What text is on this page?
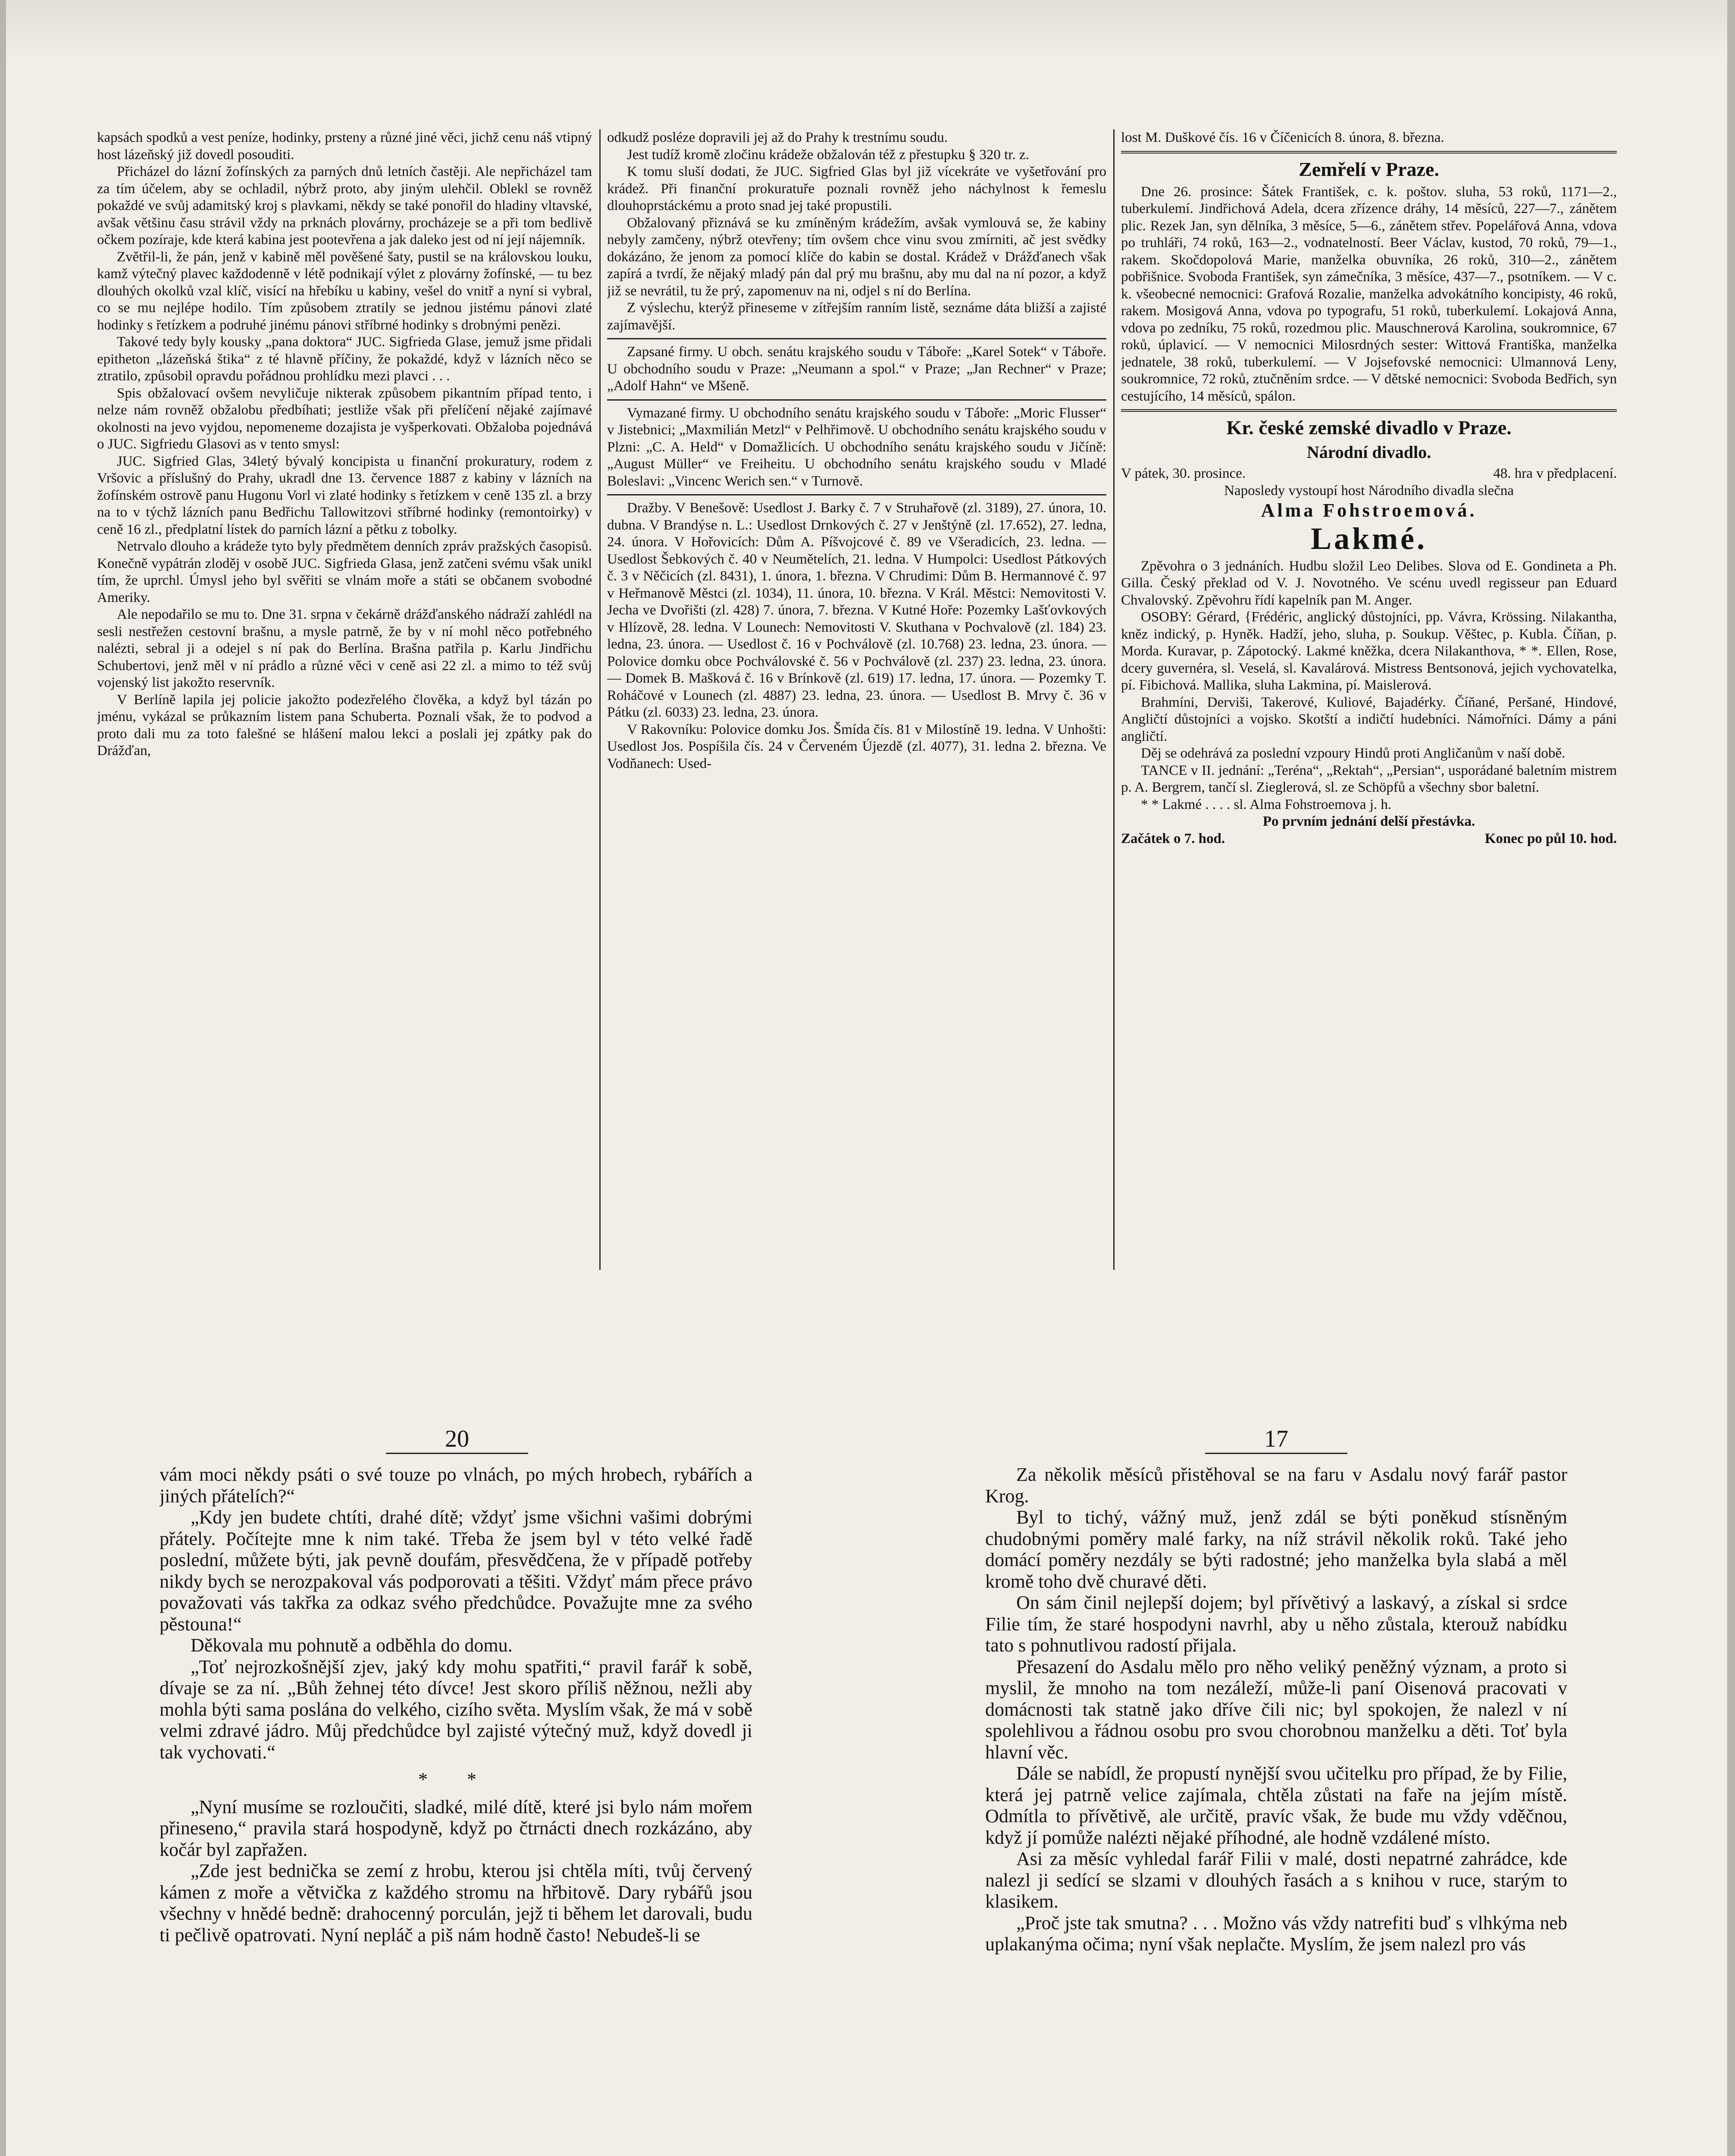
kapsách spodků a vest peníze, hodinky, prsteny a různé jiné věci, jichž cenu náš vtipný host lázeňský již dovedl posouditi.

Přicházel do lázní žofínských za parných dnů letních častěji. Ale nepřicházel tam za tím účelem, aby se ochladil, nýbrž proto, aby jiným ulehčil. Oblekl se rovněž pokaždé ve svůj adamitský kroj s plavkami, někdy se také ponořil do hladiny vltavské, avšak většinu času strávil vždy na prknách plovárny, procházeje se a při tom bedlivě očkem pozíraje, kde která kabina jest pootevřena a jak daleko jest od ní její nájemník.

Zvětřil-li, že pán, jenž v kabině měl pověšené šaty, pustil se na královskou louku, kamž výtečný plavec každodenně v létě podnikají výlet z plovárny žofínské, — tu bez dlouhých okolků vzal klíč, visící na hřebíku u kabiny, vešel do vnitř a nyní si vybral, co se mu nejlépe hodilo. Tím způsobem ztratily se jednou jistému pánovi zlaté hodinky s řetízkem a podruhé jinému pánovi stříbrné hodinky s drobnými penězi.

Takové tedy byly kousky „pana doktora“ JUC. Sigfrieda Glase, jemuž jsme přidali epitheton „lázeňská štika“ z té hlavně příčiny, že pokaždé, když v lázních něco se ztratilo, způsobil opravdu pořádnou prohlídku mezi plavci . . .

Spis obžalovací ovšem nevyličuje nikterak způsobem pikantním případ tento, i nelze nám rovněž obžalobu předbíhati; jestliže však při přelíčení nějaké zajímavé okolnosti na jevo vyjdou, nepomeneme dozajista je vyšperkovati. Obžaloba pojednává o JUC. Sigfriedu Glasovi as v tento smysl:

JUC. Sigfried Glas, 34letý bývalý koncipista u finanční prokuratury, rodem z Vršovic a příslušný do Prahy, ukradl dne 13. července 1887 z kabiny v lázních na žofínském ostrově panu Hugonu Vorl vi zlaté hodinky s řetízkem v ceně 135 zl. a brzy na to v týchž lázních panu Bedřichu Tallowitzovi stříbrné hodinky (remontoirky) v ceně 16 zl., předplatní lístek do parních lázní a pětku z tobolky.

Netrvalo dlouho a krádeže tyto byly předmětem denních zpráv pražských časopisů. Konečně vypátrán zloděj v osobě JUC. Sigfrieda Glasa, jenž zatčeni svému však unikl tím, že uprchl. Úmysl jeho byl svěřiti se vlnám moře a státi se občanem svobodné Ameriky.

Ale nepodařilo se mu to. Dne 31. srpna v čekárně drážďanského nádraží zahlédl na sesli nestřežen cestovní brašnu, a mysle patrně, že by v ní mohl něco potřebného nalézti, sebral ji a odejel s ní pak do Berlína. Brašna patřila p. Karlu Jindřichu Schubertovi, jenž měl v ní prádlo a různé věci v ceně asi 22 zl. a mimo to též svůj vojenský list jakožto reservník.

V Berlíně lapila jej policie jakožto podezřelého člověka, a když byl tázán po jménu, vykázal se průkazním listem pana Schuberta. Poznali však, že to podvod a proto dali mu za toto falešné se hlášení malou lekci a poslali jej zpátky pak do Drážďan,

odkudž posléze dopravili jej až do Prahy k trestnímu soudu.

Jest tudíž kromě zločinu krádeže obžalován též z přestupku § 320 tr. z.

K tomu sluší dodati, že JUC. Sigfried Glas byl již vícekráte ve vyšetřování pro krádež. Při finanční prokuratuře poznali rovněž jeho náchylnost k řemeslu dlouhoprstáckému a proto snad jej také propustili.

Obžalovaný přiznává se ku zmíněným krádežím, avšak vymlouvá se, že kabiny nebyly zamčeny, nýbrž otevřeny; tím ovšem chce vinu svou zmírniti, ač jest svědky dokázáno, že jenom za pomocí klíče do kabin se dostal. Krádež v Drážďanech však zapírá a tvrdí, že nějaký mladý pán dal prý mu brašnu, aby mu dal na ní pozor, a když již se nevrátil, tu že prý, zapomenuv na ni, odjel s ní do Berlína.

Z výslechu, kterýž přineseme v zítřejším ranním listě, seznáme dáta bližší a zajisté zajímavější.

Zapsané firmy. U obch. senátu krajského soudu v Táboře: „Karel Sotek“ v Táboře. U obchodního soudu v Praze: „Neumann a spol.“ v Praze; „Jan Rechner“ v Praze; „Adolf Hahn“ ve Mšeně.

Vymazané firmy. U obchodního senátu krajského soudu v Táboře: „Moric Flusser“ v Jistebnici; „Maxmilián Metzl“ v Pelhřimově. U obchodního senátu krajského soudu v Plzni: „C. A. Held“ v Domažlicích. U obchodního senátu krajského soudu v Jičíně: „August Müller“ ve Freiheitu. U obchodního senátu krajského soudu v Mladé Boleslavi: „Vincenc Werich sen.“ v Turnově.

Dražby. V Benešově: Usedlost J. Barky č. 7 v Struhařově (zl. 3189), 27. února, 10. dubna. V Brandýse n. L.: Usedlost Drnkových č. 27 v Jenštýně (zl. 17.652), 27. ledna, 24. února. V Hořovicích: Dům A. Píšvojcové č. 89 ve Všeradicích, 23. ledna. — Usedlost Šebkových č. 40 v Neumětelích, 21. ledna. V Humpolci: Usedlost Pátkových č. 3 v Něčicích (zl. 8431), 1. února, 1. března. V Chrudimi: Dům B. Hermannové č. 97 v Heřmanově Městci (zl. 1034), 11. února, 10. března. V Král. Městci: Nemovitosti V. Jecha ve Dvořišti (zl. 428) 7. února, 7. března. V Kutné Hoře: Pozemky Lašťovkových v Hlízově, 28. ledna. V Lounech: Nemovitosti V. Skuthana v Pochvalově (zl. 184) 23. ledna, 23. února. — Usedlost č. 16 v Pochválově (zl. 10.768) 23. ledna, 23. února. — Polovice domku obce Pochválovské č. 56 v Pochválově (zl. 237) 23. ledna, 23. února. — Domek B. Mašková č. 16 v Brínkově (zl. 619) 17. ledna, 17. února. — Pozemky T. Roháčové v Lounech (zl. 4887) 23. ledna, 23. února. — Usedlost B. Mrvy č. 36 v Pátku (zl. 6033) 23. ledna, 23. února.

V Rakovníku: Polovice domku Jos. Šmída čís. 81 v Milostíně 19. ledna. V Unhošti: Usedlost Jos. Pospíšila čís. 24 v Červeném Újezdě (zl. 4077), 31. ledna 2. března. Ve Vodňanech: Used-

lost M. Duškové čís. 16 v Číčenicích 8. února, 8. března.

Zemřelí v Praze.

Dne 26. prosince: Šátek František, c. k. poštov. sluha, 53 roků, 1171—2., tuberkulemí. Jindřichová Adela, dcera zřízence dráhy, 14 měsíců, 227—7., zánětem plic. Rezek Jan, syn dělníka, 3 měsíce, 5—6., zánětem střev. Popelářová Anna, vdova po truhláři, 74 roků, 163—2., vodnatelností. Beer Václav, kustod, 70 roků, 79—1., rakem. Skočdopolová Marie, manželka obuvníka, 26 roků, 310—2., zánětem pobřišnice. Svoboda František, syn zámečníka, 3 měsíce, 437—7., psotníkem. — V c. k. všeobecné nemocnici: Grafová Rozalie, manželka advokátního koncipisty, 46 roků, rakem. Mosigová Anna, vdova po typografu, 51 roků, tuberkulemí. Lokajová Anna, vdova po zedníku, 75 roků, rozedmou plic. Mauschnerová Karolina, soukromnice, 67 roků, úplavicí. — V nemocnici Milosrdných sester: Wittová Františka, manželka jednatele, 38 roků, tuberkulemí. — V Jojsefovské nemocnici: Ulmannová Leny, soukromnice, 72 roků, ztučněním srdce. — V dětské nemocnici: Svoboda Bedřich, syn cestujícího, 14 měsíců, spálon.

Kr. české zemské divadlo v Praze.
Národní divadlo.
V pátek, 30. prosince.	48. hra v předplacení.

Naposledy vystoupí host Národního divadla slečna

Alma Fohstroemová.
Lakmé.

Zpěvohra o 3 jednáních. Hudbu složil Leo Delibes. Slova od E. Gondineta a Ph. Gilla. Český překlad od V. J. Novotného. Ve scénu uvedl regisseur pan Eduard Chvalovský. Zpěvohru řídí kapelník pan M. Anger.

OSOBY: Gérard, {Frédéric, anglický důstojníci, pp. Vávra, Krössing. Nilakantha, kněz indický, p. Hyněk. Hadží, jeho, sluha, p. Soukup. Věštec, p. Kubla. Číňan, p. Morda. Kuravar, p. Zápotocký. Lakmé kněžka, dcera Nilakanthova, * *. Ellen, Rose, dcery guvernéra, sl. Veselá, sl. Kavalárová. Mistress Bentsonová, jejich vychovatelka, pí. Fibichová. Mallika, sluha Lakmina, pí. Maislerová.

Brahmíni, Derviši, Takerové, Kuliové, Bajadérky. Číňané, Peršané, Hindové, Angličtí důstojníci a vojsko. Skotští a indičtí hudebníci. Námořníci. Dámy a páni angličtí.

Děj se odehrává za poslední vzpoury Hindů proti Angličanům v naší době.

TANCE v II. jednání: „Teréna“, „Rektah“, „Persian“, usporádané baletním mistrem p. A. Bergrem, tančí sl. Zieglerová, sl. ze Schöpfů a všechny sbor baletní.

* * Lakmé . . . . sl. Alma Fohstroemova j. h.

Po prvním jednání delší přestávka.

Začátek o 7. hod.	Konec po půl 10. hod.
20	17

vám moci někdy psáti o své touze po vlnách, po mých hrobech, rybářích a jiných přátelích?“

„Kdy jen budete chtíti, drahé dítě; vždyť jsme všichni vašimi dobrými přátely. Počítejte mne k nim také. Třeba že jsem byl v této velké řadě poslední, můžete býti, jak pevně doufám, přesvědčena, že v případě potřeby nikdy bych se nerozpakoval vás podporovati a těšiti. Vždyť mám přece právo považovati vás takřka za odkaz svého předchůdce. Považujte mne za svého pěstouna!“

Děkovala mu pohnutě a odběhla do domu.

„Toť nejrozkošnější zjev, jaký kdy mohu spatřiti,“ pravil farář k sobě, dívaje se za ní. „Bůh žehnej této dívce! Jest skoro příliš něžnou, nežli aby mohla býti sama poslána do velkého, cizího světa. Myslím však, že má v sobě velmi zdravé jádro. Můj předchůdce byl zajisté výtečný muž, když dovedl ji tak vychovati.“

* *

„Nyní musíme se rozloučiti, sladké, milé dítě, které jsi bylo nám mořem přineseno,“ pravila stará hospodyně, když po čtrnácti dnech rozkázáno, aby kočár byl zapřažen.

„Zde jest bednička se zemí z hrobu, kterou jsi chtěla míti, tvůj červený kámen z moře a větvička z každého stromu na hřbitově. Dary rybářů jsou všechny v hnědé bedně: drahocenný porculán, jejž ti během let darovali, budu ti pečlivě opatrovati. Nyní nepláč a piš nám hodně často! Nebudeš-li se

Za několik měsíců přistěhoval se na faru v Asdalu nový farář pastor Krog.

Byl to tichý, vážný muž, jenž zdál se býti poněkud stísněným chudobnými poměry malé farky, na níž strávil několik roků. Také jeho domácí poměry nezdály se býti radostné; jeho manželka byla slabá a měl kromě toho dvě churavé děti.

On sám činil nejlepší dojem; byl přívětivý a laskavý, a získal si srdce Filie tím, že staré hospodyni navrhl, aby u něho zůstala, kterouž nabídku tato s pohnutlivou radostí přijala.

Přesazení do Asdalu mělo pro něho veliký peněžný význam, a proto si myslil, že mnoho na tom nezáleží, může-li paní Oisenová pracovati v domácnosti tak statně jako dříve čili nic; byl spokojen, že nalezl v ní spolehlivou a řádnou osobu pro svou chorobnou manželku a děti. Toť byla hlavní věc.

Dále se nabídl, že propustí nynější svou učitelku pro případ, že by Filie, která jej patrně velice zajímala, chtěla zůstati na faře na jejím místě. Odmítla to přívětivě, ale určitě, pravíc však, že bude mu vždy vděčnou, když jí pomůže nalézti nějaké příhodné, ale hodně vzdálené místo.

Asi za měsíc vyhledal farář Filii v malé, dosti nepatrné zahrádce, kde nalezl ji sedící se slzami v dlouhých řasách a s knihou v ruce, starým to klasikem.

„Proč jste tak smutna? . . . Možno vás vždy natrefiti buď s vlhkýma neb uplakanýma očima; nyní však neplačte. Myslím, že jsem nalezl pro vás
